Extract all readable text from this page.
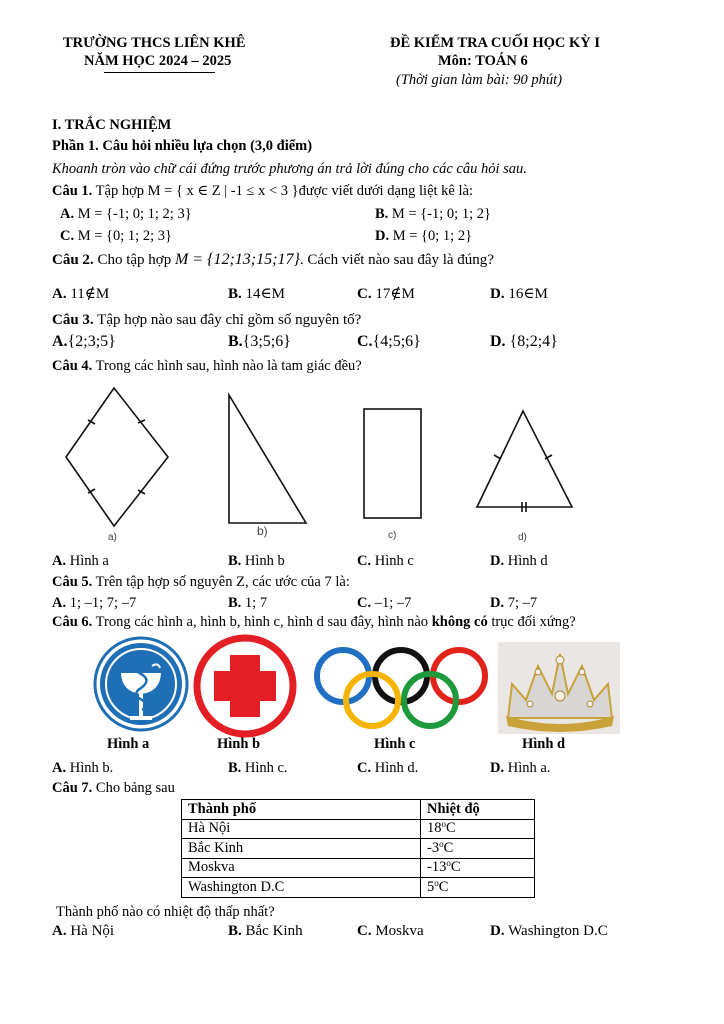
TRƯỜNG THCS LIÊN KHÊ
NĂM HỌC 2024 – 2025
ĐỀ KIỂM TRA CUỐI HỌC KỲ I
Môn: TOÁN 6
(Thời gian làm bài: 90 phút)
I. TRẮC NGHIỆM
Phần 1. Câu hỏi nhiều lựa chọn (3,0 điểm)
Khoanh tròn vào chữ cái đứng trước phương án trả lời đúng cho các câu hỏi sau.
Câu 1. Tập hợp M = { x ∈ Z | -1 ≤ x < 3 }được viết dưới dạng liệt kê là:
A. M = {-1; 0; 1; 2; 3}	B. M = {-1; 0; 1; 2}
C. M = {0; 1; 2; 3}	D. M = {0; 1; 2}
Câu 2. Cho tập hợp M = {12;13;15;17}. Cách viết nào sau đây là đúng?
A. 11∉M	B. 14∈M	C. 17∉M	D. 16∈M
Câu 3. Tập hợp nào sau đây chỉ gồm số nguyên tố?
A.{2;3;5}	B.{3;5;6}	C.{4;5;6}	D. {8;2;4}
Câu 4. Trong các hình sau, hình nào là tam giác đều?
a)	b)	c)	d)
A. Hình a	B. Hình b	C. Hình c	D. Hình d
Câu 5. Trên tập hợp số nguyên Z, các ước của 7 là:
A. 1; –1; 7; –7	B. 1; 7	C. –1; –7	D. 7; –7
Câu 6. Trong các hình a, hình b, hình c, hình d sau đây, hình nào không có trục đối xứng?
Hình a	Hình b	Hình c	Hình d
A. Hình b.	B. Hình c.	C. Hình d.	D. Hình a.
Câu 7. Cho bảng sau
Thành phố	Nhiệt độ
Hà Nội	18$^o$C
Bắc Kinh	-3$^o$C
Moskva	-13$^o$C
Washington D.C	5$^o$C
Thành phố nào có nhiệt độ thấp nhất?
A. Hà Nội	B. Bắc Kinh	C. Moskva	D. Washington D.C
